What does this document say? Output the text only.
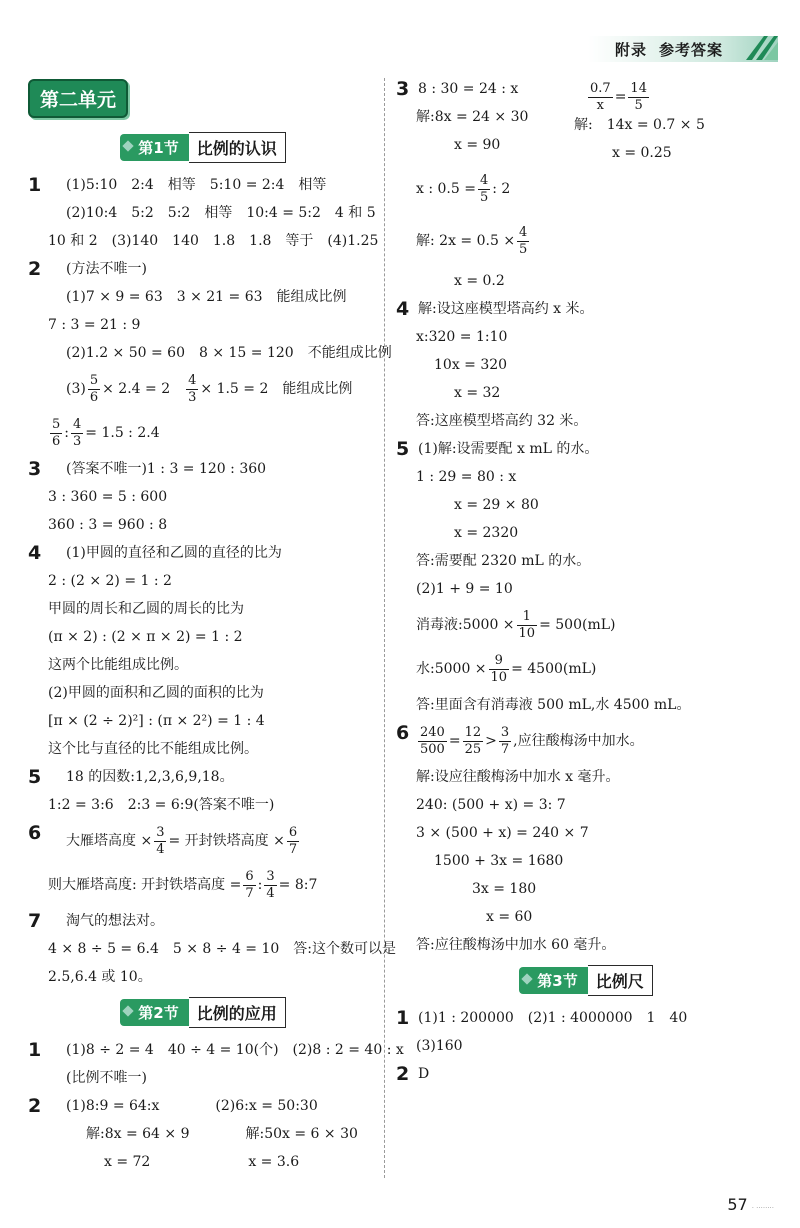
附录 参考答案
第二单元
第1节 比例的认识
1	(1)5:10　2:4　相等　5:10 = 2:4　相等
(2)10:4　5:2　5:2　相等　10:4 = 5:2　4 和 5
10 和 2　(3)140　140　1.8　1.8　等于　(4)1.25
2	(方法不唯一)
(1)7 × 9 = 63　3 × 21 = 63　能组成比例
7 : 3 = 21 : 9
(2)1.2 × 50 = 60　8 × 15 = 120　不能组成比例
$(3) \frac{5}{6} \times 2.4 = 2$　 $\frac{4}{3} \times 1.5 = 2$　能组成比例
$\frac{5}{6}$ : $\frac{4}{3} = 1.5$ : 2.4
3	(答案不唯一)1 : 3 = 120 : 360
3 : 360 = 5 : 600
360 : 3 = 960 : 8
4	(1)甲圆的直径和乙圆的直径的比为
2 : (2 × 2) = 1 : 2
甲圆的周长和乙圆的周长的比为
(π × 2) : (2 × π × 2) = 1 : 2
这两个比能组成比例。
(2)甲圆的面积和乙圆的面积的比为
[π × (2 ÷ 2)²] : (π × 2²) = 1 : 4
这个比与直径的比不能组成比例。
5	18 的因数:1,2,3,6,9,18。
1:2 = 3:6　2:3 = 6:9(答案不唯一)
6	大雁塔高度 × $\frac{3}{4}$ = 开封铁塔高度 × $\frac{6}{7}$
则大雁塔高度: 开封铁塔高度 = $\frac{6}{7}$ : $\frac{3}{4}$ = 8:7
7	淘气的想法对。
4 × 8 ÷ 5 = 6.4　5 × 8 ÷ 4 = 10　答:这个数可以是
2.5,6.4 或 10。
第2节 比例的应用
1	(1)8 ÷ 2 = 4　40 ÷ 4 = 10(个)　(2)8 : 2 = 40 : x
(比例不唯一)
2	(1)8:9 = 64:x　　　　(2)6:x = 50:30
解:8x = 64 × 9　　　　解:50x = 6 × 30
x = 72　　　　　　　x = 3.6
3 8 : 30 = 24 : x
解:8x = 24 × 30
x = 90
$\frac{0.7}{x} = \frac{14}{5}$
解:　14x = 0.7 × 5
x = 0.25
x : $0.5 = \frac{4}{5}$ : 2
解: $2x = 0.5 \times \frac{4}{5}$
x = 0.2
4 解:设这座模型塔高约 x 米。
x:320 = 1:10
10x = 320
x = 32
答:这座模型塔高约 32 米。
5 (1)解:设需要配 x mL 的水。
1 : 29 = 80 : x
x = 29 × 80
x = 2320
答:需要配 2320 mL 的水。
(2)1 + 9 = 10
消毒液:5000 × $\frac{1}{10} = 500(mL)$
水:5000 × $\frac{9}{10} = 4500(mL)$
答:里面含有消毒液 500 mL,水 4500 mL。
$6 \frac{240}{500} = \frac{12}{25} > \frac{3}{7}$ ,应往酸梅汤中加水。
解:设应往酸梅汤中加水 x 毫升。
240: (500 + x) = 3: 7
3 × (500 + x) = 240 × 7
1500 + 3x = 1680
3x = 180
x = 60
答:应往酸梅汤中加水 60 毫升。
第3节 比例尺
1 (1)1 : 200000　(2)1 : 4000000　1　40
(3)160
2 D
57 · ········
